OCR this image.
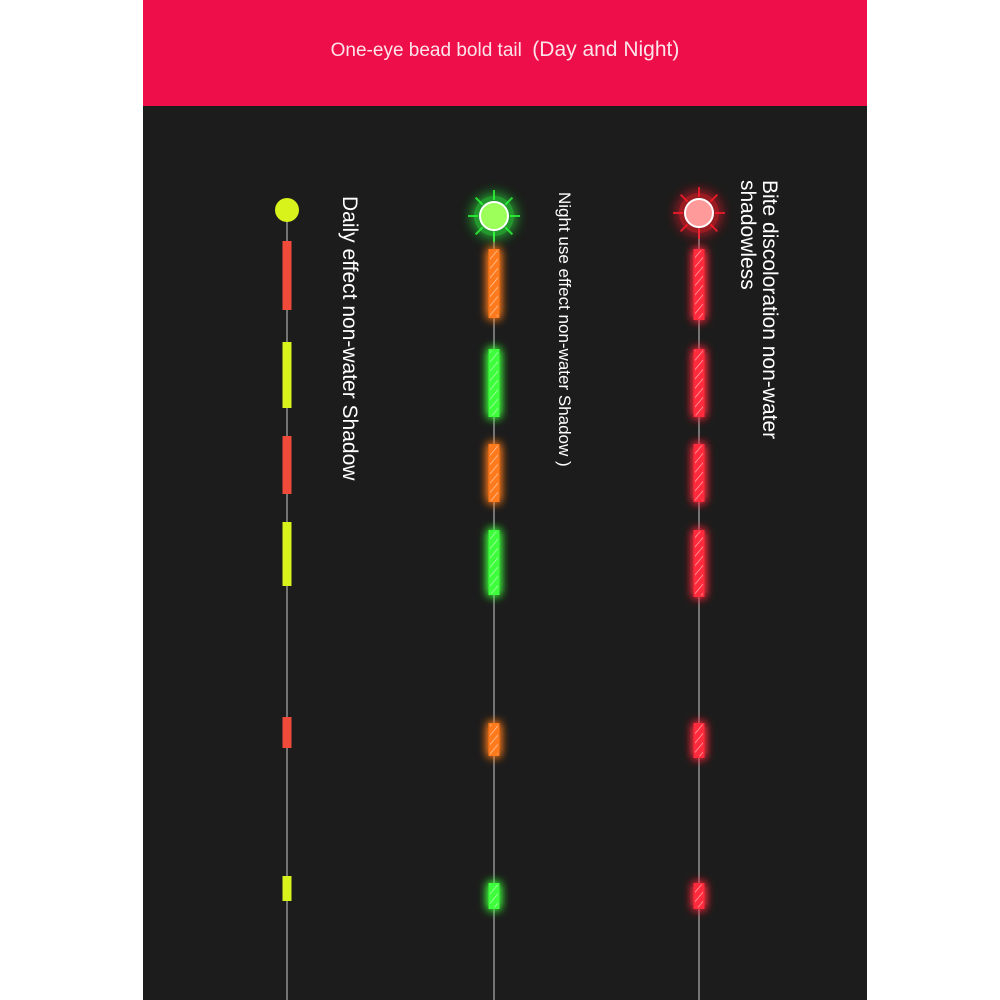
One-eye bead bold tail (Day and Night)
Daily effect non-water Shadow	Night use effect non-water Shadow )	Bite discoloration non-water shadowless
